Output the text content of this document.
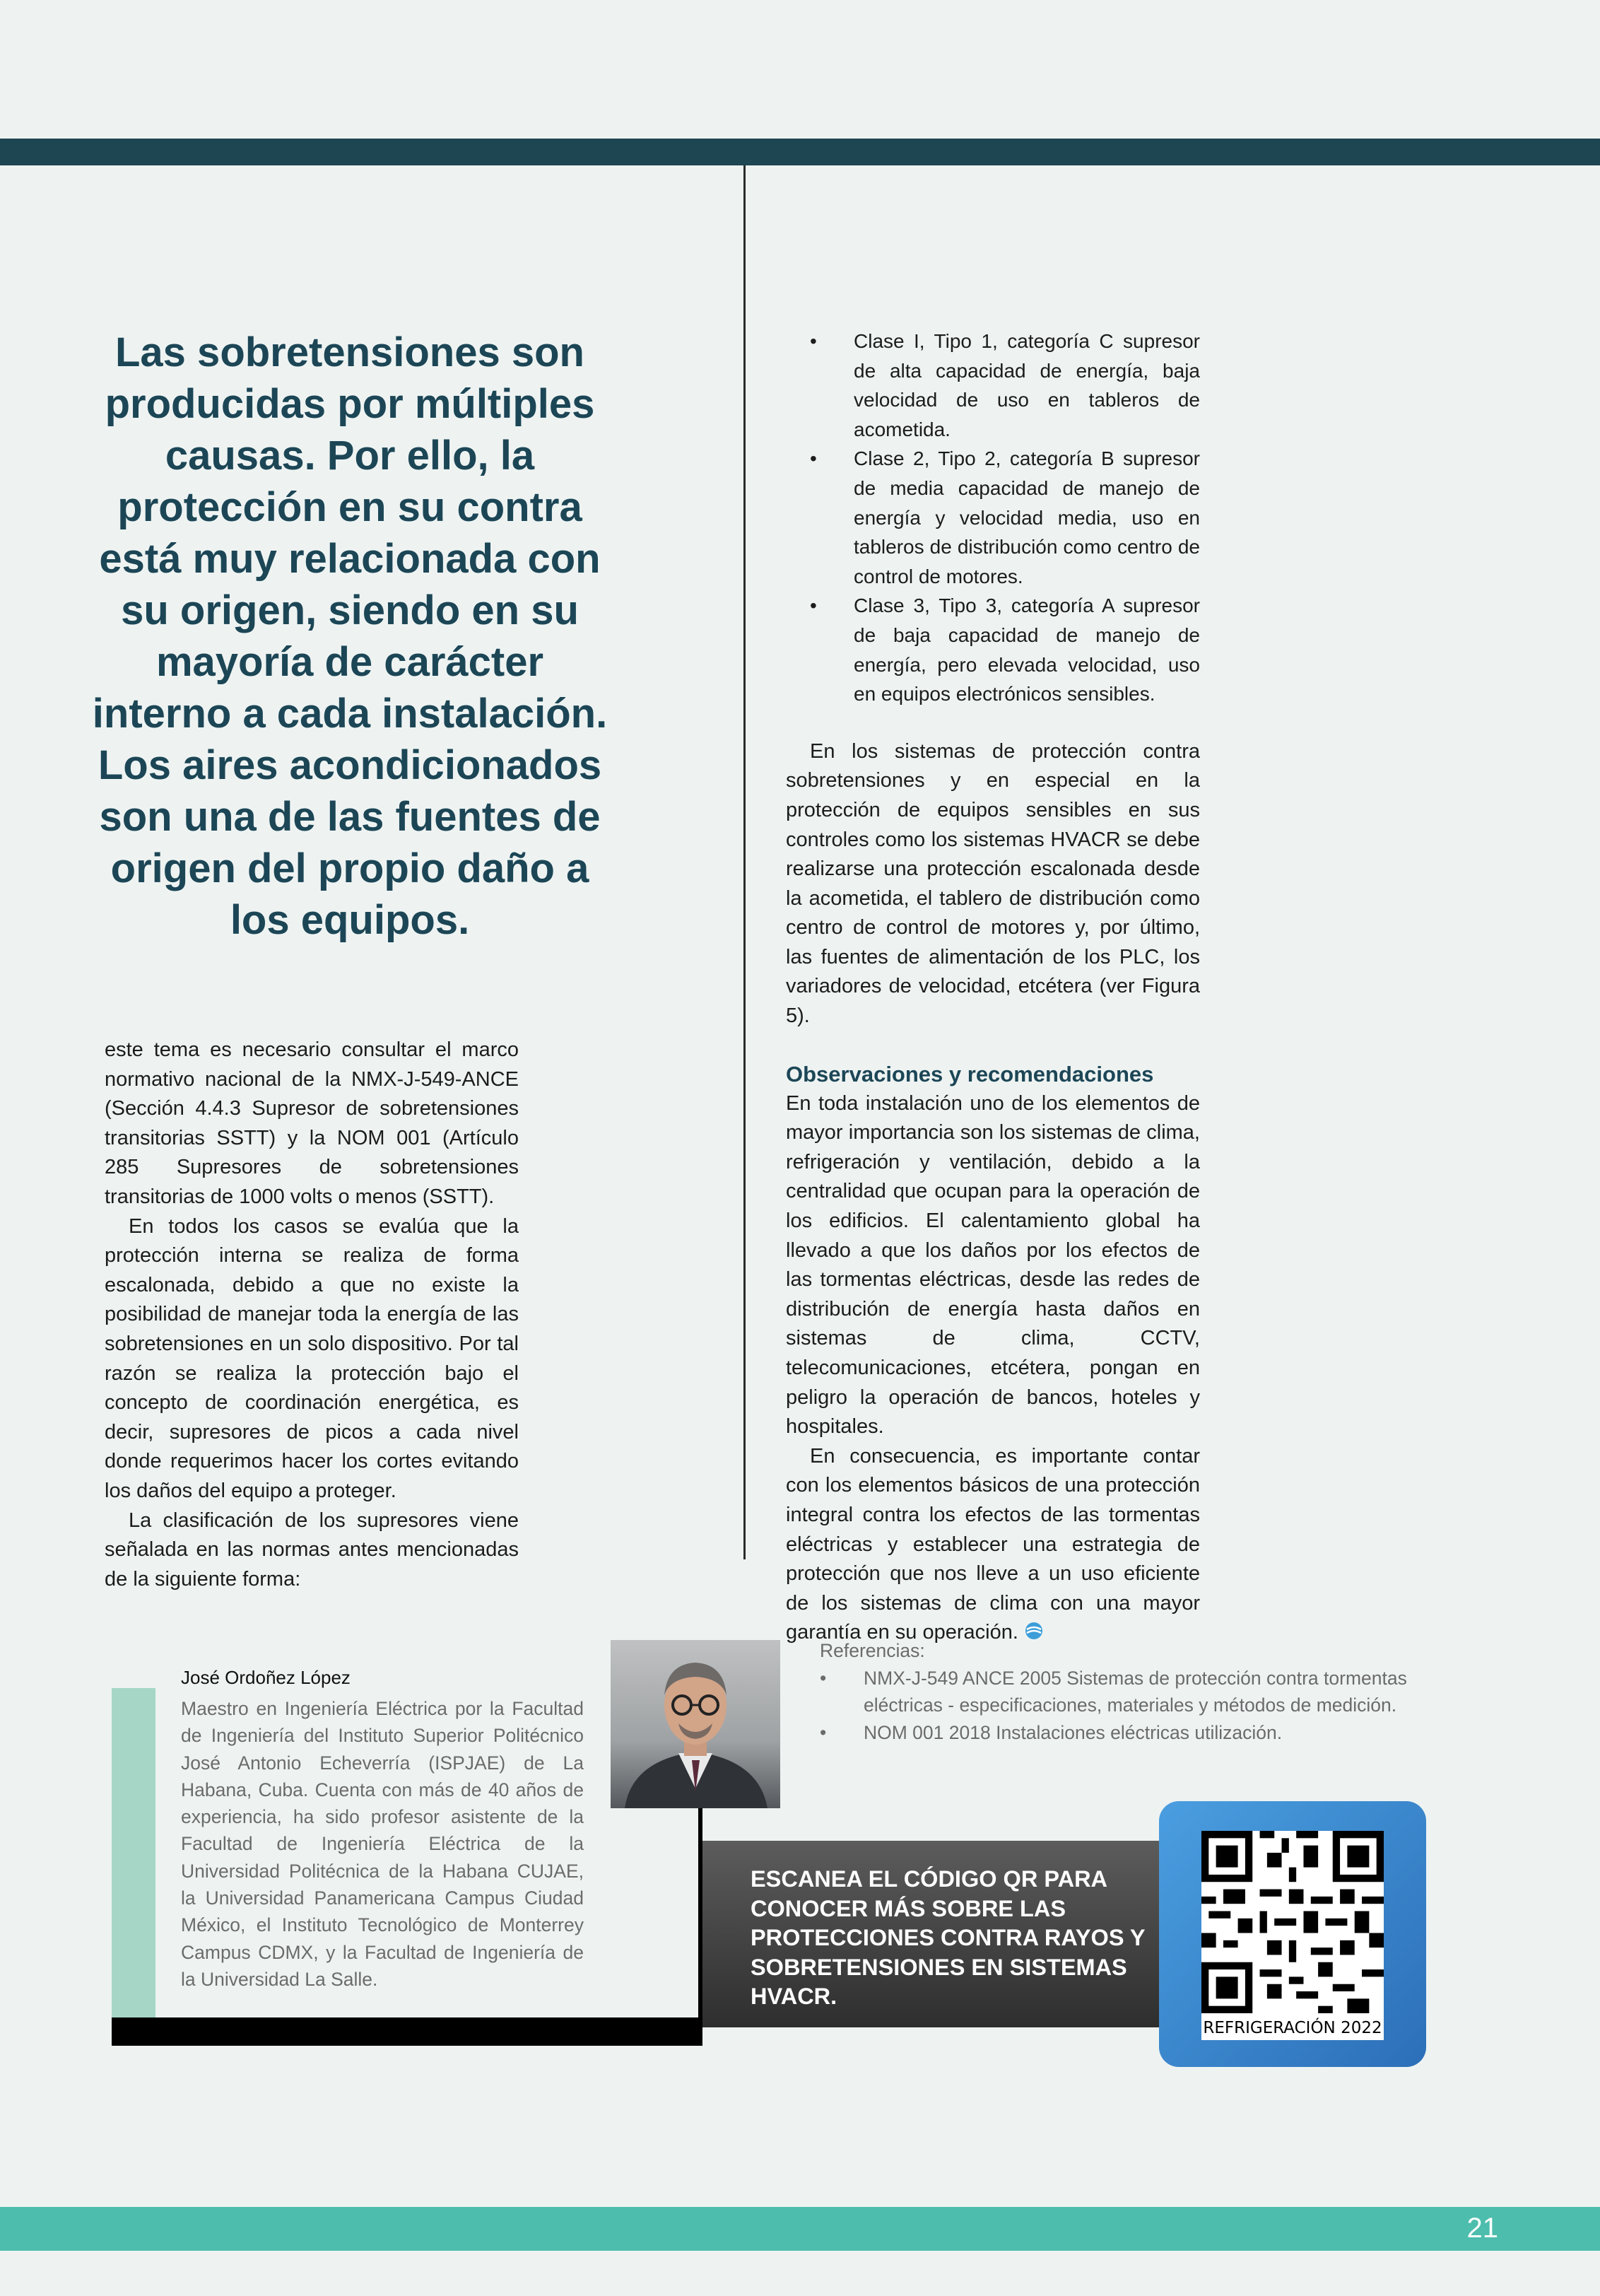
Las sobretensiones son producidas por múltiples causas. Por ello, la protección en su contra está muy relacionada con su origen, siendo en su mayoría de carácter interno a cada instalación. Los aires acondicionados son una de las fuentes de origen del propio daño a los equipos.

este tema es necesario consultar el marco normativo nacional de la NMX-J-549-ANCE (Sección 4.4.3 Supresor de sobretensiones transitorias SSTT) y la NOM 001 (Artículo 285 Supresores de sobretensiones transitorias de 1000 volts o menos (SSTT).

En todos los casos se evalúa que la protección interna se realiza de forma escalonada, debido a que no existe la posibilidad de manejar toda la energía de las sobretensiones en un solo dispositivo. Por tal razón se realiza la protección bajo el concepto de coordinación energética, es decir, supresores de picos a cada nivel donde requerimos hacer los cortes evitando los daños del equipo a proteger.

La clasificación de los supresores viene señalada en las normas antes mencionadas de la siguiente forma:

• Clase I, Tipo 1, categoría C supresor de alta capacidad de energía, baja velocidad de uso en tableros de acometida.
• Clase 2, Tipo 2, categoría B supresor de media capacidad de manejo de energía y velocidad media, uso en tableros de distribución como centro de control de motores.
• Clase 3, Tipo 3, categoría A supresor de baja capacidad de manejo de energía, pero elevada velocidad, uso en equipos electrónicos sensibles.

En los sistemas de protección contra sobretensiones y en especial en la protección de equipos sensibles en sus controles como los sistemas HVACR se debe realizarse una protección escalonada desde la acometida, el tablero de distribución como centro de control de motores y, por último, las fuentes de alimentación de los PLC, los variadores de velocidad, etcétera (ver Figura 5).

Observaciones y recomendaciones

En toda instalación uno de los elementos de mayor importancia son los sistemas de clima, refrigeración y ventilación, debido a la centralidad que ocupan para la operación de los edificios. El calentamiento global ha llevado a que los daños por los efectos de las tormentas eléctricas, desde las redes de distribución de energía hasta daños en sistemas de clima, CCTV, telecomunicaciones, etcétera, pongan en peligro la operación de bancos, hoteles y hospitales.

En consecuencia, es importante contar con los elementos básicos de una protección integral contra los efectos de las tormentas eléctricas y establecer una estrategia de protección que nos lleve a un uso eficiente de los sistemas de clima con una mayor garantía en su operación.

José Ordoñez López

Maestro en Ingeniería Eléctrica por la Facultad de Ingeniería del Instituto Superior Politécnico José Antonio Echeverría (ISPJAE) de La Habana, Cuba. Cuenta con más de 40 años de experiencia, ha sido profesor asistente de la Facultad de Ingeniería Eléctrica de la Universidad Politécnica de la Habana CUJAE, la Universidad Panamericana Campus Ciudad México, el Instituto Tecnológico de Monterrey Campus CDMX, y la Facultad de Ingeniería de la Universidad La Salle.

Referencias:

• NMX-J-549 ANCE 2005 Sistemas de protección contra tormentas eléctricas - especificaciones, materiales y métodos de medición.
• NOM 001 2018 Instalaciones eléctricas utilización.

ESCANEA EL CÓDIGO QR PARA CONOCER MÁS SOBRE LAS PROTECCIONES CONTRA RAYOS Y SOBRETENSIONES EN SISTEMAS HVACR.

REFRIGERACIÓN 2022

21
